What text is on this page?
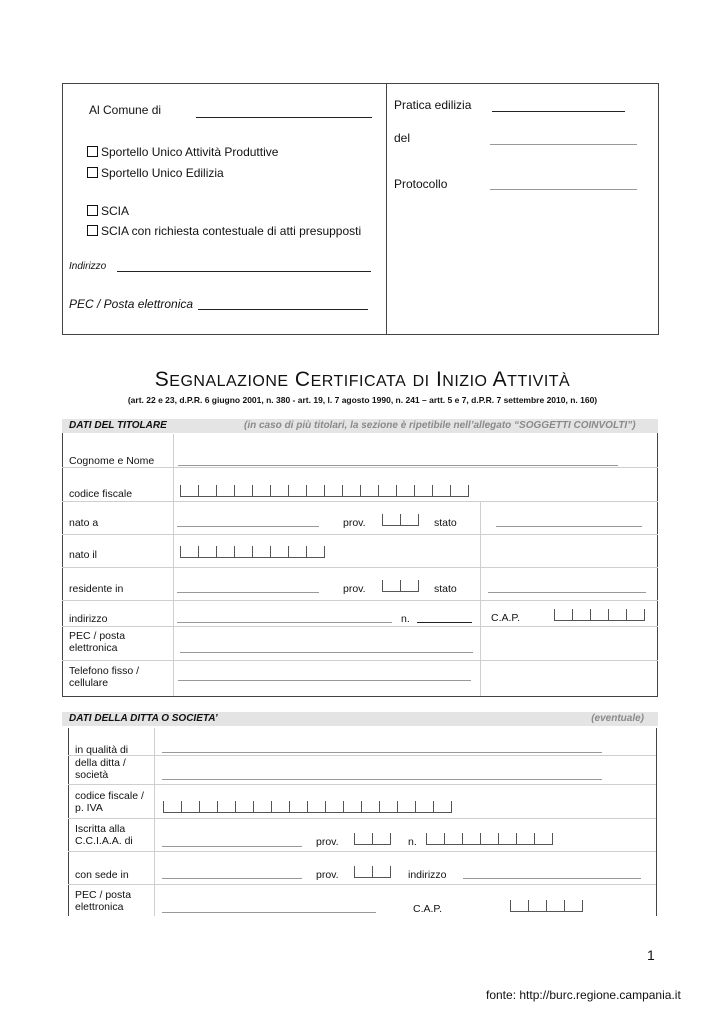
Al Comune di
Sportello Unico Attività Produttive
Sportello Unico Edilizia
SCIA
SCIA con richiesta contestuale di atti presupposti
Indirizzo
PEC / Posta elettronica
Pratica edilizia
del
Protocollo
SEGNALAZIONE CERTIFICATA DI INIZIO ATTIVITÀ
(art. 22 e 23, d.P.R. 6 giugno 2001, n. 380 - art. 19, l. 7 agosto 1990, n. 241 – artt. 5 e 7, d.P.R. 7 settembre 2010, n. 160)
DATI DEL TITOLARE	(in caso di più titolari, la sezione è ripetibile nell’allegato “SOGGETTI COINVOLTI”)
Cognome e Nome
codice fiscale
nato a	prov.	stato
nato il
residente in	prov.	stato
indirizzo	n.	C.A.P.
PEC / posta elettronica
Telefono fisso / cellulare
DATI DELLA DITTA O SOCIETA’	(eventuale)
in qualità di
della ditta / società
codice fiscale / p. IVA
Iscritta alla C.C.I.A.A. di	prov.	n.
con sede in	prov.	indirizzo
PEC / posta elettronica	C.A.P.
1
fonte: http://burc.regione.campania.it
